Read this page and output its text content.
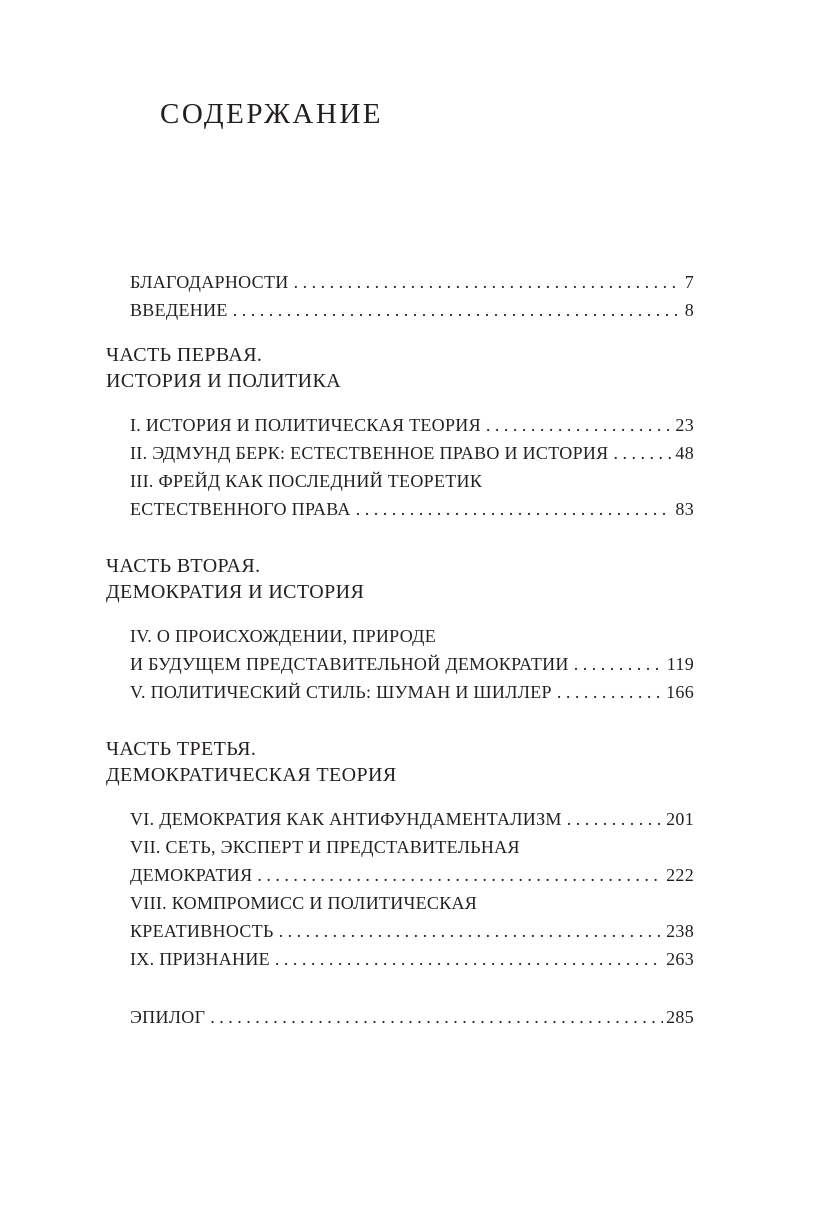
СОДЕРЖАНИЕ
БЛАГОДАРНОСТИ . . .	7
ВВЕДЕНИЕ . . .	8
ЧАСТЬ ПЕРВАЯ.
ИСТОРИЯ И ПОЛИТИКА
I. ИСТОРИЯ И ПОЛИТИЧЕСКАЯ ТЕОРИЯ . . .	23
II. ЭДМУНД БЕРК: ЕСТЕСТВЕННОЕ ПРАВО И ИСТОРИЯ . . .	48
III. ФРЕЙД КАК ПОСЛЕДНИЙ ТЕОРЕТИК
ЕСТЕСТВЕННОГО ПРАВА . . .	83
ЧАСТЬ ВТОРАЯ.
ДЕМОКРАТИЯ И ИСТОРИЯ
IV. О ПРОИСХОЖДЕНИИ, ПРИРОДЕ
И БУДУЩЕМ ПРЕДСТАВИТЕЛЬНОЙ ДЕМОКРАТИИ . . .	119
V. ПОЛИТИЧЕСКИЙ СТИЛЬ: ШУМАН И ШИЛЛЕР . . .	166
ЧАСТЬ ТРЕТЬЯ.
ДЕМОКРАТИЧЕСКАЯ ТЕОРИЯ
VI. ДЕМОКРАТИЯ КАК АНТИФУНДАМЕНТАЛИЗМ . . .	201
VII. СЕТЬ, ЭКСПЕРТ И ПРЕДСТАВИТЕЛЬНАЯ
ДЕМОКРАТИЯ . . .	222
VIII. КОМПРОМИСС И ПОЛИТИЧЕСКАЯ
КРЕАТИВНОСТЬ . . .	238
IX. ПРИЗНАНИЕ . . .	263
ЭПИЛОГ . . .	285
